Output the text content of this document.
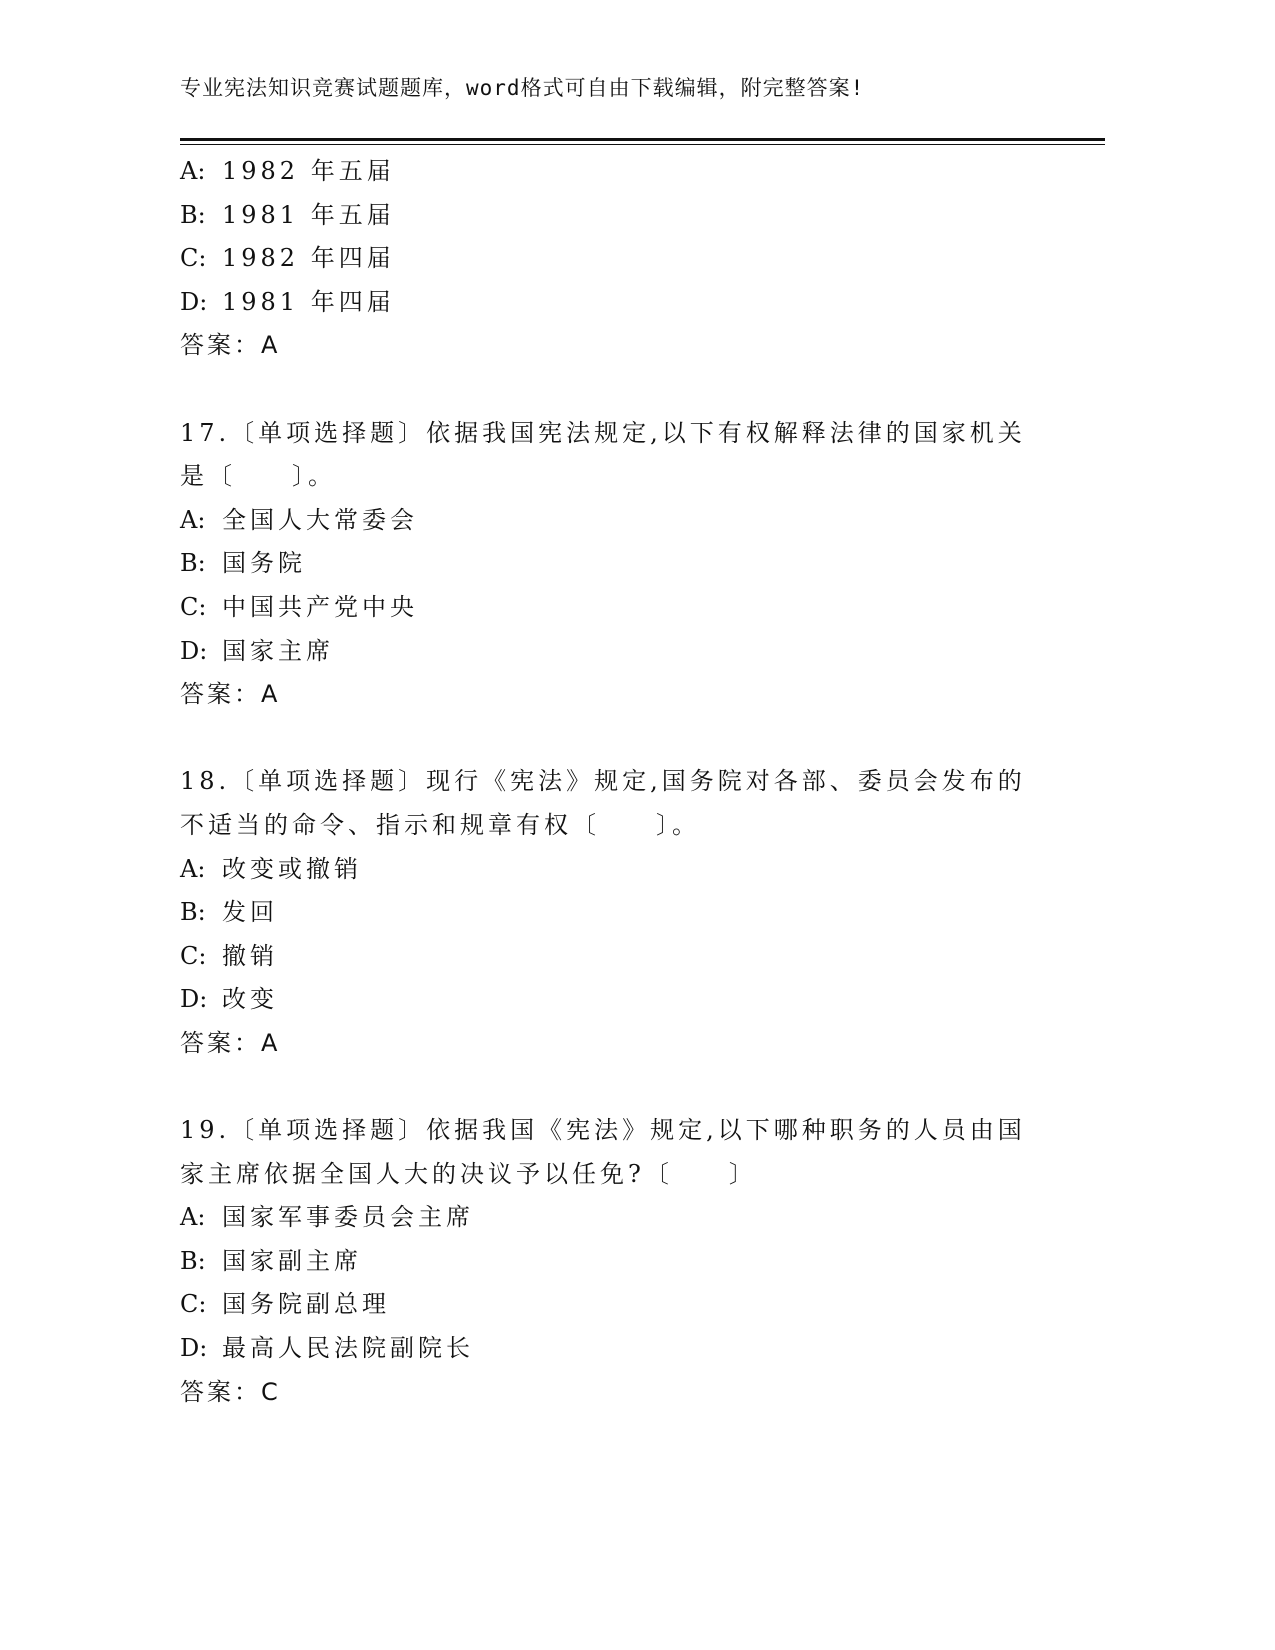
专业宪法知识竞赛试题题库，word格式可自由下载编辑，附完整答案!
A: 1982 年五届
B: 1981 年五届
C: 1982 年四届
D: 1981 年四届
答案：A
17.〔单项选择题〕依据我国宪法规定,以下有权解释法律的国家机关
是〔　　〕。
A: 全国人大常委会
B: 国务院
C: 中国共产党中央
D: 国家主席
答案：A
18.〔单项选择题〕现行《宪法》规定,国务院对各部、委员会发布的
不适当的命令、指示和规章有权〔　　〕。
A: 改变或撤销
B: 发回
C: 撤销
D: 改变
答案：A
19.〔单项选择题〕依据我国《宪法》规定,以下哪种职务的人员由国
家主席依据全国人大的决议予以任免?〔　　〕
A: 国家军事委员会主席
B: 国家副主席
C: 国务院副总理
D: 最高人民法院副院长
答案：C
